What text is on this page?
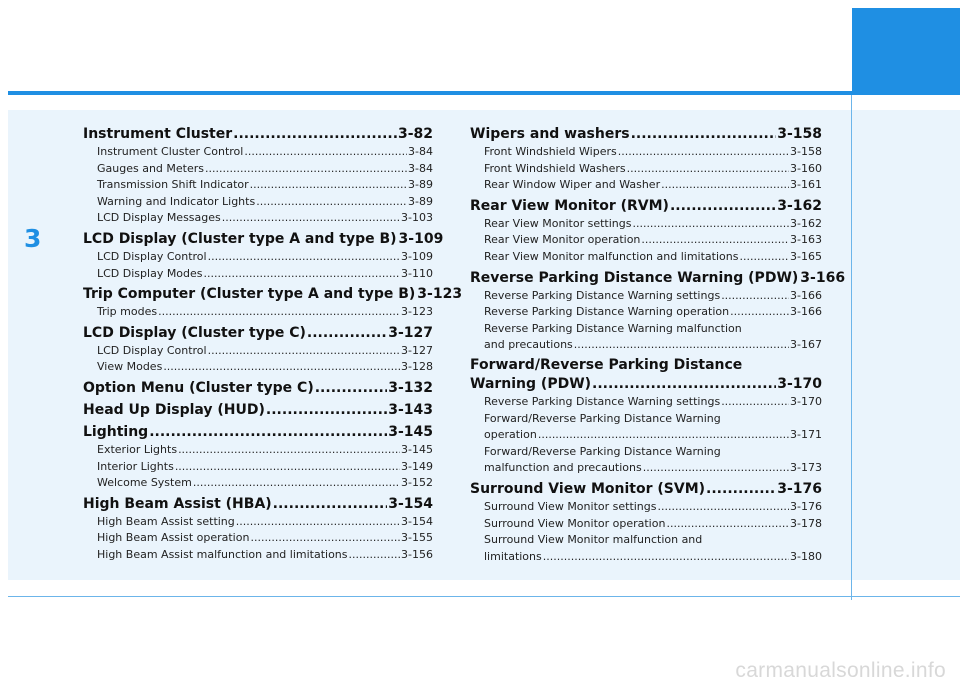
3
Instrument Cluster .....	3-82
Instrument Cluster Control .....	3-84
Gauges and Meters .....	3-84
Transmission Shift Indicator .....	3-89
Warning and Indicator Lights .....	3-89
LCD Display Messages .....	3-103
LCD Display (Cluster type A and type B) 3-109
LCD Display Control .....	3-109
LCD Display Modes .....	3-110
Trip Computer (Cluster type A and type B) 3-123
Trip modes .....	3-123
LCD Display (Cluster type C) .....	3-127
LCD Display Control .....	3-127
View Modes .....	3-128
Option Menu (Cluster type C) .....	3-132
Head Up Display (HUD) .....	3-143
Lighting .....	3-145
Exterior Lights .....	3-145
Interior Lights .....	3-149
Welcome System .....	3-152
High Beam Assist (HBA) .....	3-154
High Beam Assist setting .....	3-154
High Beam Assist operation .....	3-155
High Beam Assist malfunction and limitations .....	3-156
Wipers and washers .....	3-158
Front Windshield Wipers .....	3-158
Front Windshield Washers .....	3-160
Rear Window Wiper and Washer .....	3-161
Rear View Monitor (RVM) .....	3-162
Rear View Monitor settings .....	3-162
Rear View Monitor operation .....	3-163
Rear View Monitor malfunction and limitations .....	3-165
Reverse Parking Distance Warning (PDW) 3-166
Reverse Parking Distance Warning settings .....	3-166
Reverse Parking Distance Warning operation .....	3-166
Reverse Parking Distance Warning malfunction
and precautions .....	3-167
Forward/Reverse Parking Distance
Warning (PDW) .....	3-170
Reverse Parking Distance Warning settings .....	3-170
Forward/Reverse Parking Distance Warning
operation .....	3-171
Forward/Reverse Parking Distance Warning
malfunction and precautions .....	3-173
Surround View Monitor (SVM) .....	3-176
Surround View Monitor settings .....	3-176
Surround View Monitor operation .....	3-178
Surround View Monitor malfunction and
limitations .....	3-180
carmanualsonline.info
